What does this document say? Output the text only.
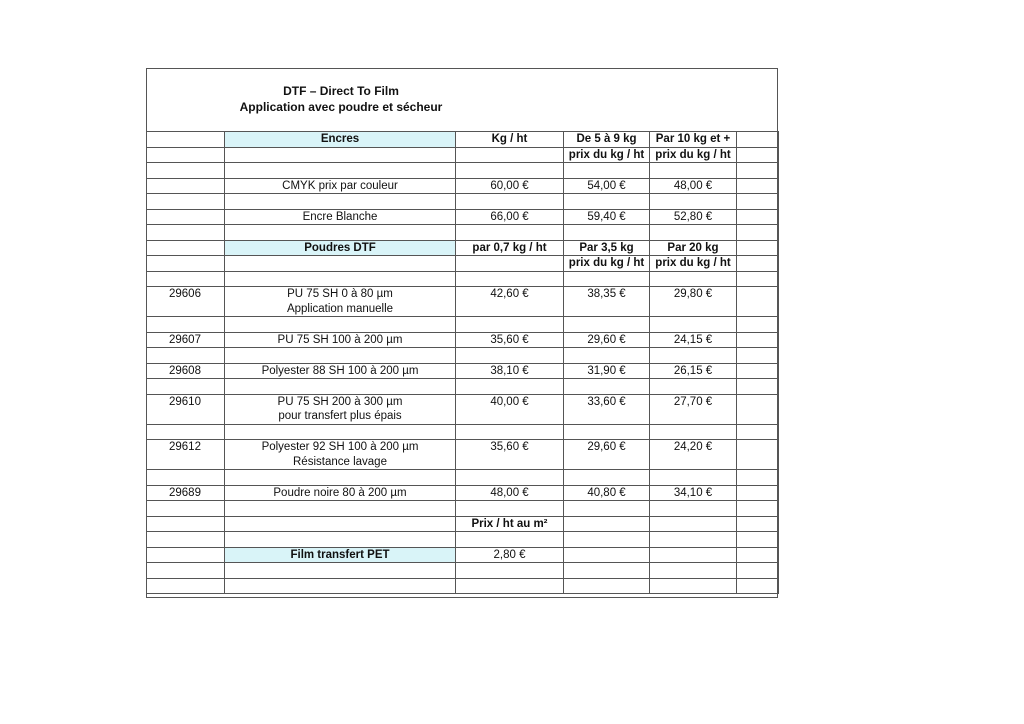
DTF – Direct To Film
Application avec poudre et sécheur
	Encres	Kg / ht	De 5 à 9 kg	Par 10 kg et +	
			prix du kg / ht	prix du kg / ht	

	CMYK prix par couleur	60,00 €	54,00 €	48,00 €	

	Encre Blanche	66,00 €	59,40 €	52,80 €	

	Poudres DTF	par 0,7 kg / ht	Par 3,5 kg	Par 20 kg	
			prix du kg / ht	prix du kg / ht	

29606	PU 75 SH 0 à 80 µm	42,60 €	38,35 €	29,80 €	
	Application manuelle				

29607	PU 75 SH 100 à 200 µm	35,60 €	29,60 €	24,15 €	

29608	Polyester 88 SH 100 à 200 µm	38,10 €	31,90 €	26,15 €	

29610	PU 75 SH 200 à 300 µm	40,00 €	33,60 €	27,70 €	
	pour transfert plus épais				

29612	Polyester 92 SH 100 à 200 µm	35,60 €	29,60 €	24,20 €	
	Résistance lavage				

29689	Poudre noire 80 à 200 µm	48,00 €	40,80 €	34,10 €	

		Prix / ht au m²			

	Film transfert PET	2,80 €			
